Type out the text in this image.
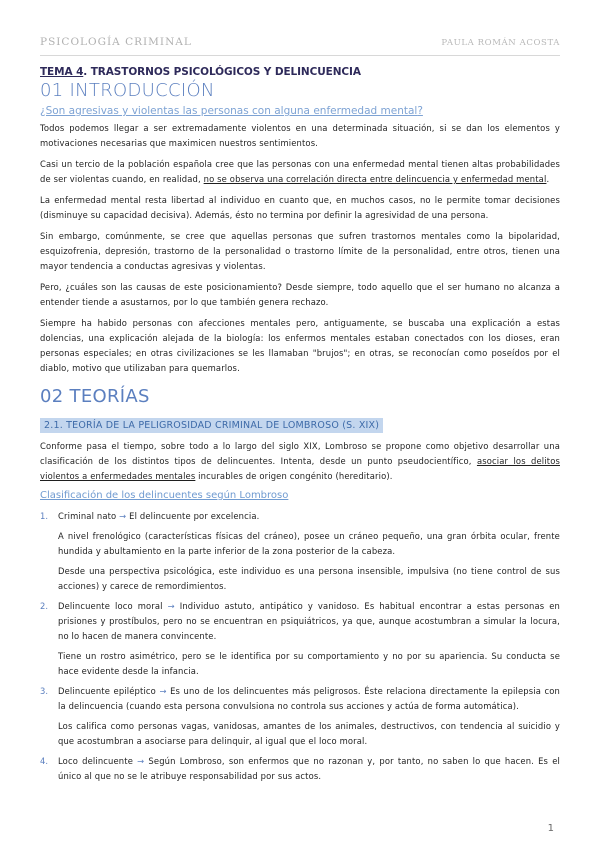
PSICOLOGÍA CRIMINAL	PAULA ROMÁN ACOSTA
TEMA 4. TRASTORNOS PSICOLÓGICOS Y DELINCUENCIA
01 INTRODUCCIÓN
¿Son agresivas y violentas las personas con alguna enfermedad mental?

Todos podemos llegar a ser extremadamente violentos en una determinada situación, si se dan los elementos y motivaciones necesarias que maximicen nuestros sentimientos.

Casi un tercio de la población española cree que las personas con una enfermedad mental tienen altas probabilidades de ser violentas cuando, en realidad, no se observa una correlación directa entre delincuencia y enfermedad mental.

La enfermedad mental resta libertad al individuo en cuanto que, en muchos casos, no le permite tomar decisiones (disminuye su capacidad decisiva). Además, ésto no termina por definir la agresividad de una persona.

Sin embargo, comúnmente, se cree que aquellas personas que sufren trastornos mentales como la bipolaridad, esquizofrenia, depresión, trastorno de la personalidad o trastorno límite de la personalidad, entre otros, tienen una mayor tendencia a conductas agresivas y violentas.

Pero, ¿cuáles son las causas de este posicionamiento? Desde siempre, todo aquello que el ser humano no alcanza a entender tiende a asustarnos, por lo que también genera rechazo.

Siempre ha habido personas con afecciones mentales pero, antiguamente, se buscaba una explicación a estas dolencias, una explicación alejada de la biología: los enfermos mentales estaban conectados con los dioses, eran personas especiales; en otras civilizaciones se les llamaban "brujos"; en otras, se reconocían como poseídos por el diablo, motivo que utilizaban para quemarlos.

02 TEORÍAS
2.1. TEORÍA DE LA PELIGROSIDAD CRIMINAL DE LOMBROSO (S. XIX)

Conforme pasa el tiempo, sobre todo a lo largo del siglo XIX, Lombroso se propone como objetivo desarrollar una clasificación de los distintos tipos de delincuentes. Intenta, desde un punto pseudocientífico, asociar los delitos violentos a enfermedades mentales incurables de origen congénito (hereditario).

Clasificación de los delincuentes según Lombroso
1. Criminal nato → El delincuente por excelencia.

A nivel frenológico (características físicas del cráneo), posee un cráneo pequeño, una gran órbita ocular, frente hundida y abultamiento en la parte inferior de la zona posterior de la cabeza.

Desde una perspectiva psicológica, este individuo es una persona insensible, impulsiva (no tiene control de sus acciones) y carece de remordimientos.

2. Delincuente loco moral → Individuo astuto, antipático y vanidoso. Es habitual encontrar a estas personas en prisiones y prostíbulos, pero no se encuentran en psiquiátricos, ya que, aunque acostumbran a simular la locura, no lo hacen de manera convincente.

Tiene un rostro asimétrico, pero se le identifica por su comportamiento y no por su apariencia. Su conducta se hace evidente desde la infancia.

3. Delincuente epiléptico → Es uno de los delincuentes más peligrosos. Éste relaciona directamente la epilepsia con la delincuencia (cuando esta persona convulsiona no controla sus acciones y actúa de forma automática).

Los califica como personas vagas, vanidosas, amantes de los animales, destructivos, con tendencia al suicidio y que acostumbran a asociarse para delinquir, al igual que el loco moral.

4. Loco delincuente → Según Lombroso, son enfermos que no razonan y, por tanto, no saben lo que hacen. Es el único al que no se le atribuye responsabilidad por sus actos.

1
